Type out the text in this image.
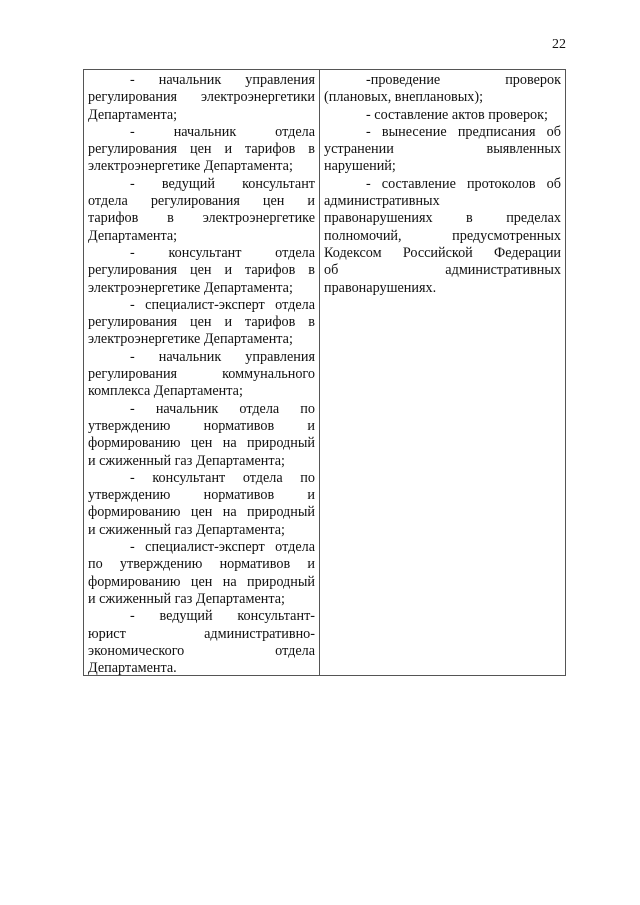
22
- начальник управления
регулирования электроэнергетики
Департамента;
- начальник отдела
регулирования цен и тарифов в
электроэнергетике Департамента;
- ведущий консультант
отдела регулирования цен и
тарифов в электроэнергетике
Департамента;
- консультант отдела
регулирования цен и тарифов в
электроэнергетике Департамента;
- специалист-эксперт отдела
регулирования цен и тарифов в
электроэнергетике Департамента;
- начальник управления
регулирования коммунального
комплекса Департамента;
- начальник отдела по
утверждению нормативов и
формированию цен на природный
и сжиженный газ Департамента;
- консультант отдела по
утверждению нормативов и
формированию цен на природный
и сжиженный газ Департамента;
- специалист-эксперт отдела
по утверждению нормативов и
формированию цен на природный
и сжиженный газ Департамента;
- ведущий консультант-
юрист административно-
экономического отдела
Департамента.
-проведение проверок
(плановых, внеплановых);
- составление актов проверок;
- вынесение предписания об
устранении выявленных
нарушений;
- составление протоколов об
административных
правонарушениях в пределах
полномочий, предусмотренных
Кодексом Российской Федерации
об административных
правонарушениях.
